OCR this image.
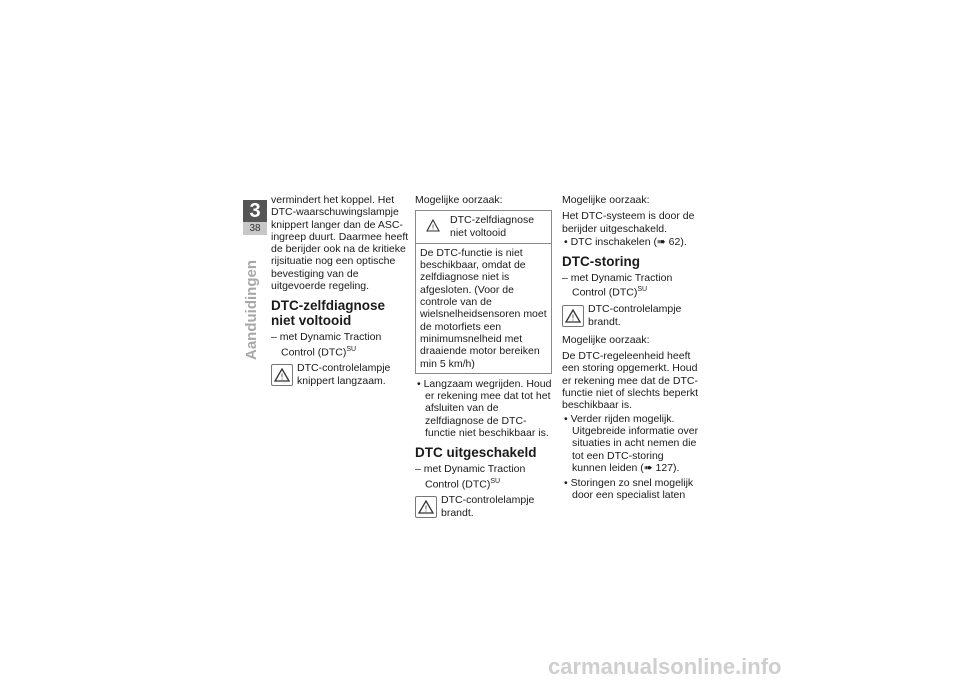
3
38
Aanduidingen

vermindert het koppel. Het DTC-waarschuwingslampje knippert langer dan de ASC-ingreep duurt. Daarmee heeft de berijder ook na de kritieke rijsituatie nog een optische bevestiging van de uitgevoerde regeling.

DTC-zelfdiagnose niet voltooid
– met Dynamic Traction Control (DTC)$^{SU}$
!
DTC-controlelampje knippert langzaam.

Mogelijke oorzaak:

!
DTC-zelfdiagnose niet voltooid
De DTC-functie is niet beschikbaar, omdat de zelfdiagnose niet is afgesloten. (Voor de controle van de wielsnelheidsensoren moet de motorfiets een minimumsnelheid met draaiende motor bereiken min 5 km/h)
• Langzaam wegrijden. Houd er rekening mee dat tot het afsluiten van de zelfdiagnose de DTC-functie niet beschikbaar is.
DTC uitgeschakeld
– met Dynamic Traction Control (DTC)$^{SU}$
!
DTC-controlelampje brandt.

Mogelijke oorzaak:

Het DTC-systeem is door de berijder uitgeschakeld.

• DTC inschakelen (➠ 62).
DTC-storing
– met Dynamic Traction Control (DTC)$^{SU}$
!
DTC-controlelampje brandt.

Mogelijke oorzaak:

De DTC-regeleenheid heeft een storing opgemerkt. Houd er rekening mee dat de DTC-functie niet of slechts beperkt beschikbaar is.

• Verder rijden mogelijk. Uitgebreide informatie over situaties in acht nemen die tot een DTC-storing kunnen leiden (➠ 127).
• Storingen zo snel mogelijk door een specialist laten
carmanualsonline.info
